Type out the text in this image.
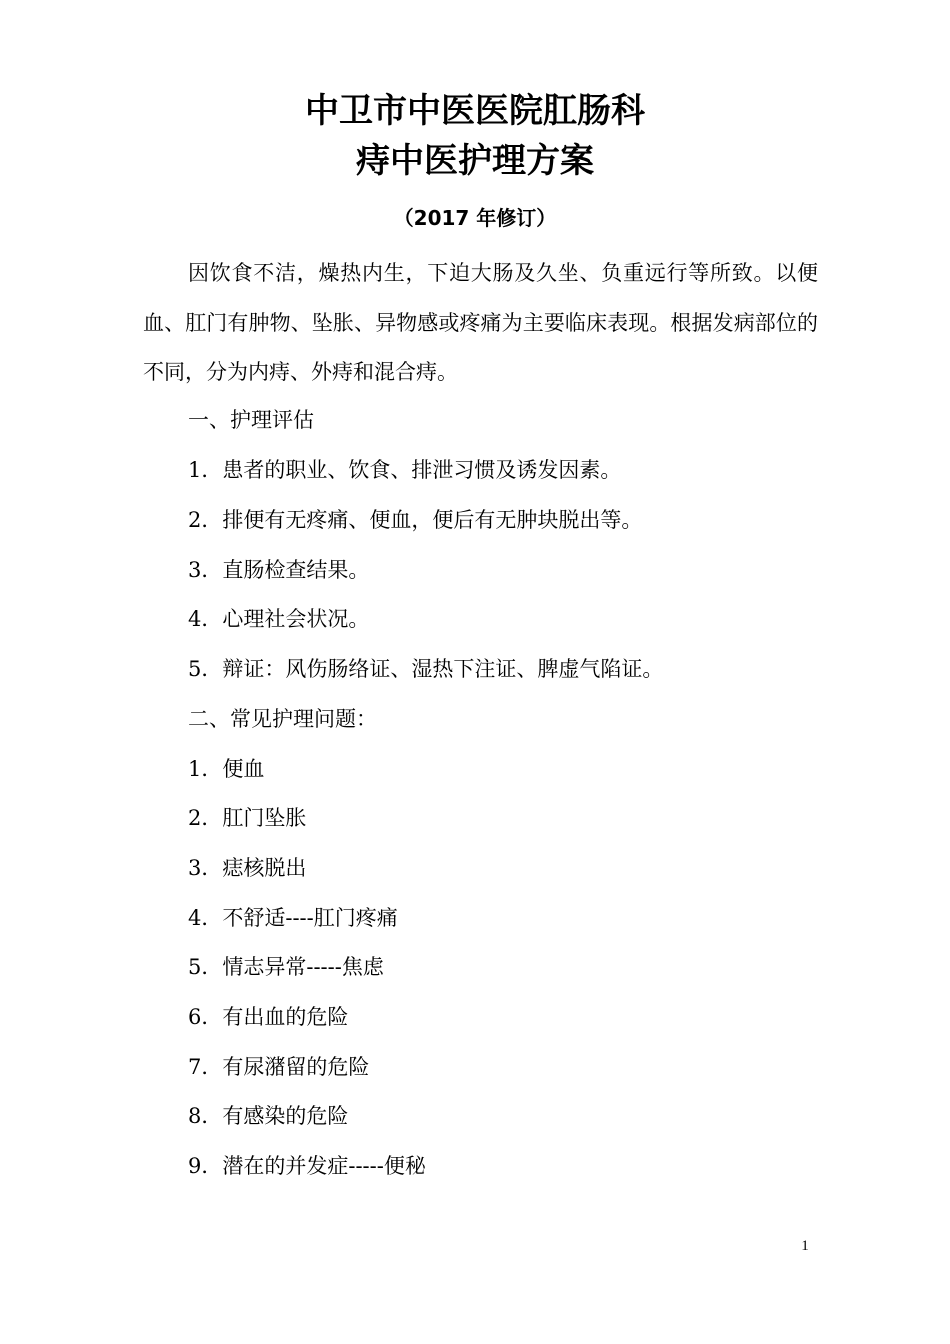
中卫市中医医院肛肠科
痔中医护理方案
（2017 年修订）

因饮食不洁，燥热内生，下迫大肠及久坐、负重远行等所致。以便血、肛门有肿物、坠胀、异物感或疼痛为主要临床表现。根据发病部位的不同，分为内痔、外痔和混合痔。

一、护理评估

1．患者的职业、饮食、排泄习惯及诱发因素。

2．排便有无疼痛、便血，便后有无肿块脱出等。

3．直肠检查结果。

4．心理社会状况。

5．辩证：风伤肠络证、湿热下注证、脾虚气陷证。

二、常见护理问题：

1．便血

2．肛门坠胀

3．痣核脱出

4．不舒适----肛门疼痛

5．情志异常-----焦虑

6．有出血的危险

7．有尿潴留的危险

8．有感染的危险

9．潜在的并发症-----便秘

1
